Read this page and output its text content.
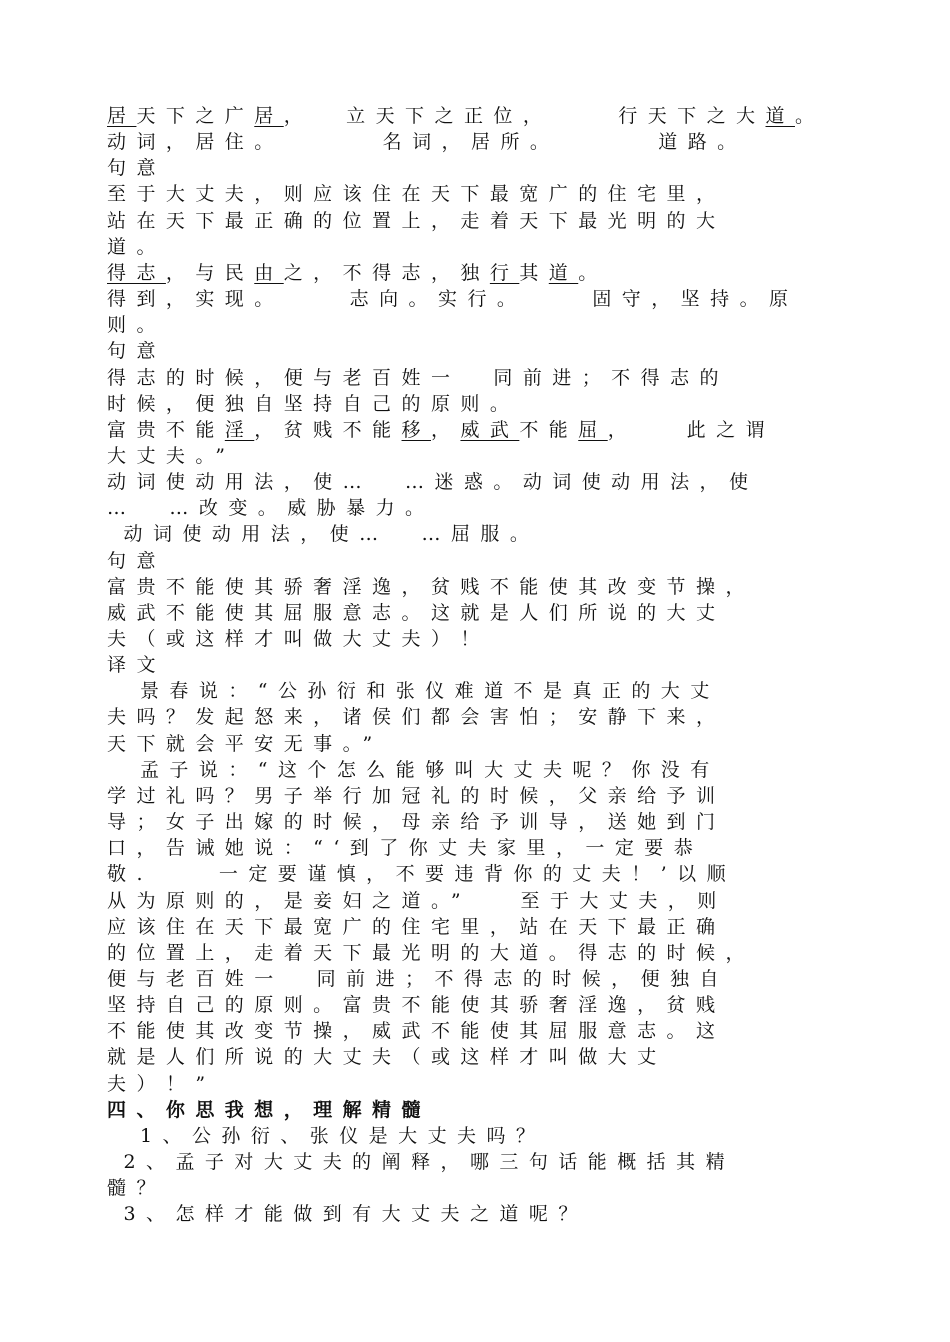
居天下之广居，  立天下之正位，    行天下之大道。
动词，居住。      名词，居所。      道路。
句意
至于大丈夫，则应该住在天下最宽广的住宅里，
站在天下最正确的位置上，走着天下最光明的大
道。
得志，与民由之，不得志，独行其道。
得到，实现。    志向。实行。    固守，坚持。原
则。
句意
得志的时候，便与老百姓一  同前进；不得志的
时候，便独自坚持自己的原则。
富贵不能淫，贫贱不能移，威武不能屈，   此之谓
大丈夫。”
动词使动用法，使…  …迷惑。动词使动用法，使
…  …改变。威胁暴力。
动词使动用法，使…  …屈服。
句意
富贵不能使其骄奢淫逸，贫贱不能使其改变节操，
威武不能使其屈服意志。这就是人们所说的大丈
夫（或这样才叫做大丈夫）！
译文
景春说：“公孙衍和张仪难道不是真正的大丈
夫吗？发起怒来，诸侯们都会害怕；安静下来，
天下就会平安无事。”
孟子说：“这个怎么能够叫大丈夫呢？你没有
学过礼吗？男子举行加冠礼的时候，父亲给予训
导；女子出嫁的时候，母亲给予训导，送她到门
口，告诫她说：“‘到了你丈夫家里，一定要恭
敬.    一定要谨慎，不要违背你的丈夫！’以顺
从为原则的，是妾妇之道。”   至于大丈夫，则
应该住在天下最宽广的住宅里，站在天下最正确
的位置上，走着天下最光明的大道。得志的时候，
便与老百姓一  同前进；不得志的时候，便独自
坚持自己的原则。富贵不能使其骄奢淫逸，贫贱
不能使其改变节操，威武不能使其屈服意志。这
就是人们所说的大丈夫（或这样才叫做大丈
夫）！”
四、你思我想，理解精髓
1、公孙衍、张仪是大丈夫吗？
2、孟子对大丈夫的阐释，哪三句话能概括其精
髓？
3、怎样才能做到有大丈夫之道呢？
